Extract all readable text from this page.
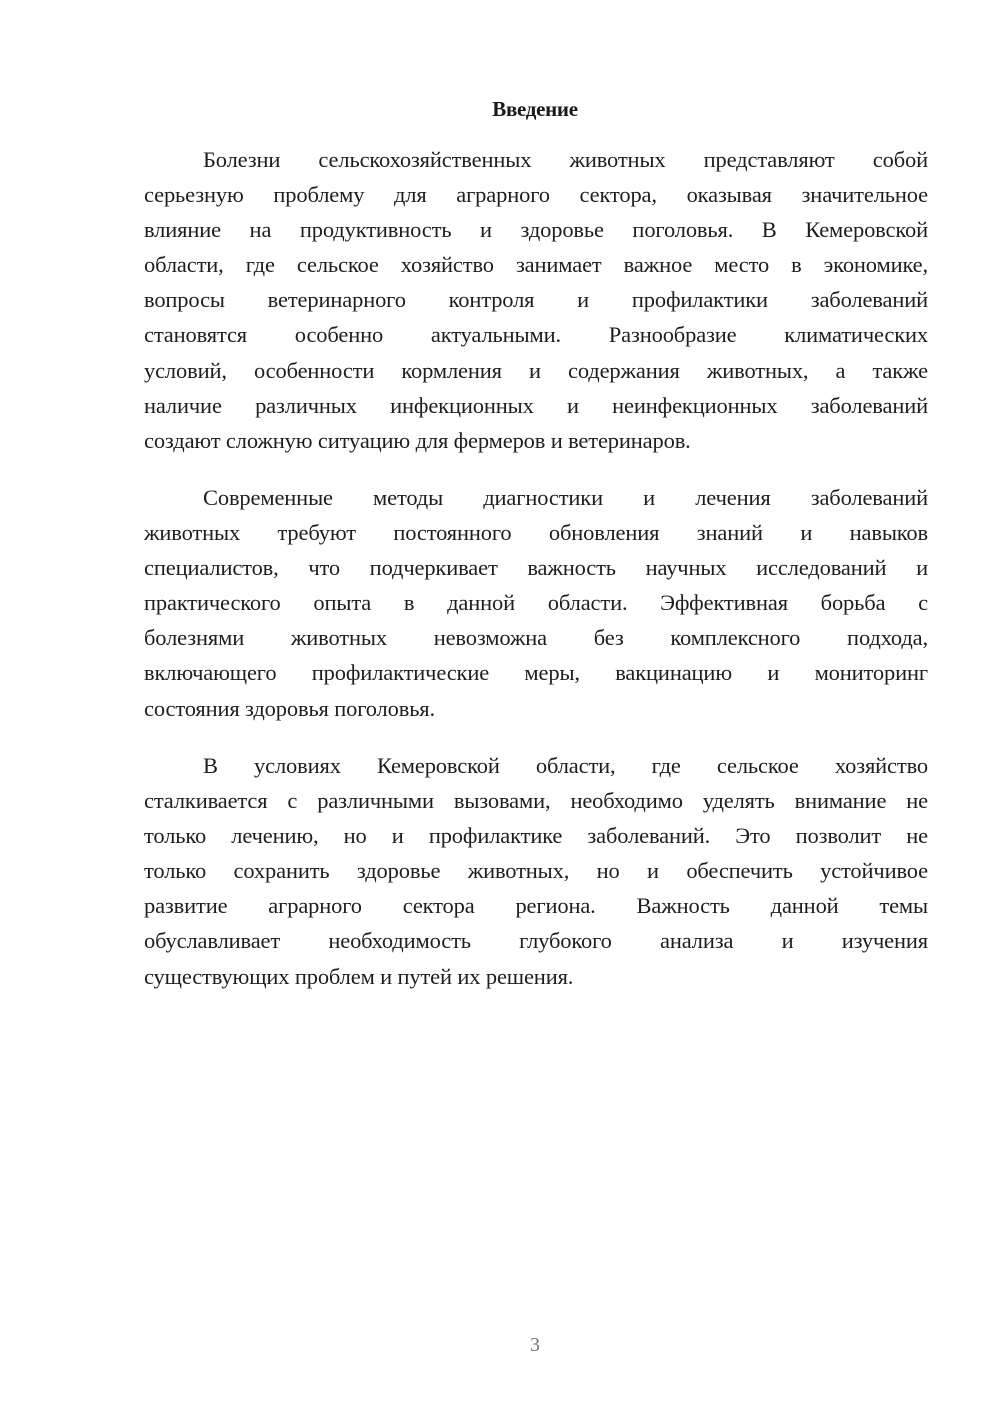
Введение
Болезни сельскохозяйственных животных представляют собой
серьезную проблему для аграрного сектора, оказывая значительное
влияние на продуктивность и здоровье поголовья. В Кемеровской
области, где сельское хозяйство занимает важное место в экономике,
вопросы ветеринарного контроля и профилактики заболеваний
становятся особенно актуальными. Разнообразие климатических
условий, особенности кормления и содержания животных, а также
наличие различных инфекционных и неинфекционных заболеваний
создают сложную ситуацию для фермеров и ветеринаров.
Современные методы диагностики и лечения заболеваний
животных требуют постоянного обновления знаний и навыков
специалистов, что подчеркивает важность научных исследований и
практического опыта в данной области. Эффективная борьба с
болезнями животных невозможна без комплексного подхода,
включающего профилактические меры, вакцинацию и мониторинг
состояния здоровья поголовья.
В условиях Кемеровской области, где сельское хозяйство
сталкивается с различными вызовами, необходимо уделять внимание не
только лечению, но и профилактике заболеваний. Это позволит не
только сохранить здоровье животных, но и обеспечить устойчивое
развитие аграрного сектора региона. Важность данной темы
обуславливает необходимость глубокого анализа и изучения
существующих проблем и путей их решения.
3
